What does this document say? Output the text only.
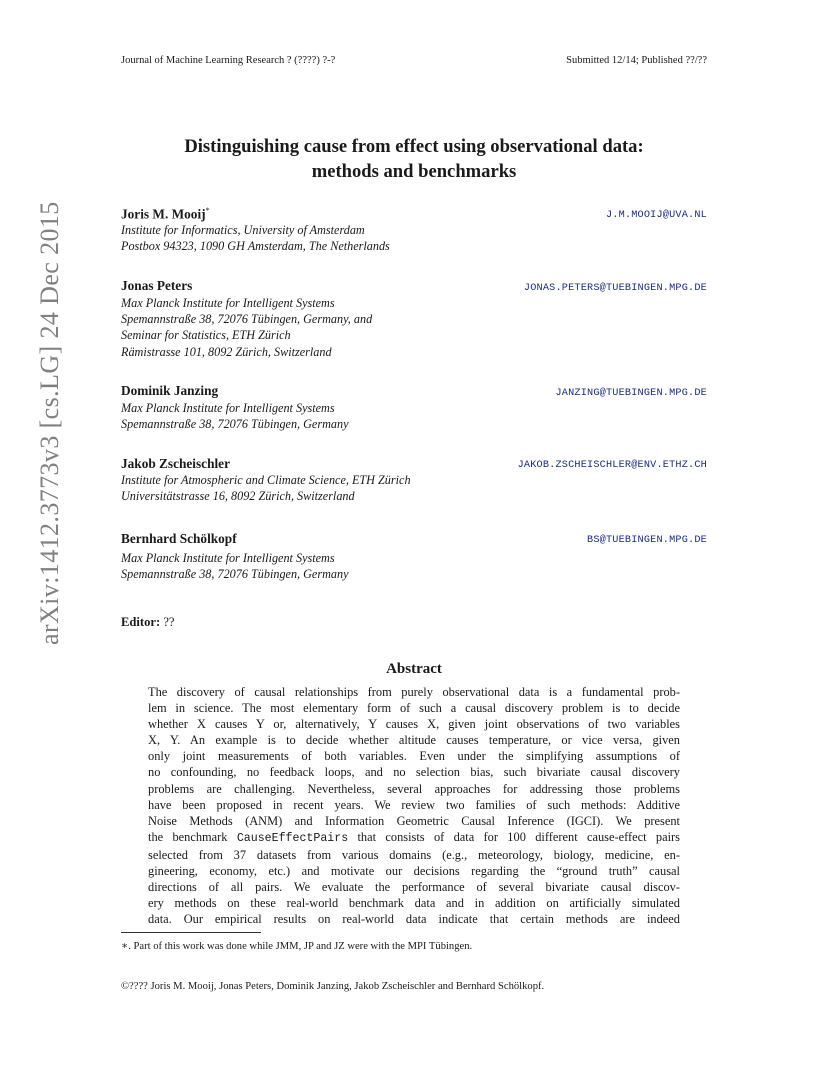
Journal of Machine Learning Research ? (????) ?-?	Submitted 12/14; Published ??/??
arXiv:1412.3773v3 [cs.LG] 24 Dec 2015
Distinguishing cause from effect using observational data:
methods and benchmarks
Joris M. Mooij*	J.M.MOOIJ@UVA.NL
Institute for Informatics, University of Amsterdam
Postbox 94323, 1090 GH Amsterdam, The Netherlands
Jonas Peters	JONAS.PETERS@TUEBINGEN.MPG.DE
Max Planck Institute for Intelligent Systems
Spemannstraße 38, 72076 Tübingen, Germany, and
Seminar for Statistics, ETH Zürich
Rämistrasse 101, 8092 Zürich, Switzerland
Dominik Janzing	JANZING@TUEBINGEN.MPG.DE
Max Planck Institute for Intelligent Systems
Spemannstraße 38, 72076 Tübingen, Germany
Jakob Zscheischler	JAKOB.ZSCHEISCHLER@ENV.ETHZ.CH
Institute for Atmospheric and Climate Science, ETH Zürich
Universitätstrasse 16, 8092 Zürich, Switzerland
Bernhard Schölkopf	BS@TUEBINGEN.MPG.DE
Max Planck Institute for Intelligent Systems
Spemannstraße 38, 72076 Tübingen, Germany
Editor: ??
Abstract
The discovery of causal relationships from purely observational data is a fundamental prob-
lem in science. The most elementary form of such a causal discovery problem is to decide
whether X causes Y or, alternatively, Y causes X, given joint observations of two variables
X, Y. An example is to decide whether altitude causes temperature, or vice versa, given
only joint measurements of both variables. Even under the simplifying assumptions of
no confounding, no feedback loops, and no selection bias, such bivariate causal discovery
problems are challenging. Nevertheless, several approaches for addressing those problems
have been proposed in recent years. We review two families of such methods: Additive
Noise Methods (ANM) and Information Geometric Causal Inference (IGCI). We present
the benchmark CauseEffectPairs that consists of data for 100 different cause-effect pairs
selected from 37 datasets from various domains (e.g., meteorology, biology, medicine, en-
gineering, economy, etc.) and motivate our decisions regarding the “ground truth” causal
directions of all pairs. We evaluate the performance of several bivariate causal discov-
ery methods on these real-world benchmark data and in addition on artificially simulated
data. Our empirical results on real-world data indicate that certain methods are indeed
∗. Part of this work was done while JMM, JP and JZ were with the MPI Tübingen.
©???? Joris M. Mooij, Jonas Peters, Dominik Janzing, Jakob Zscheischler and Bernhard Schölkopf.
